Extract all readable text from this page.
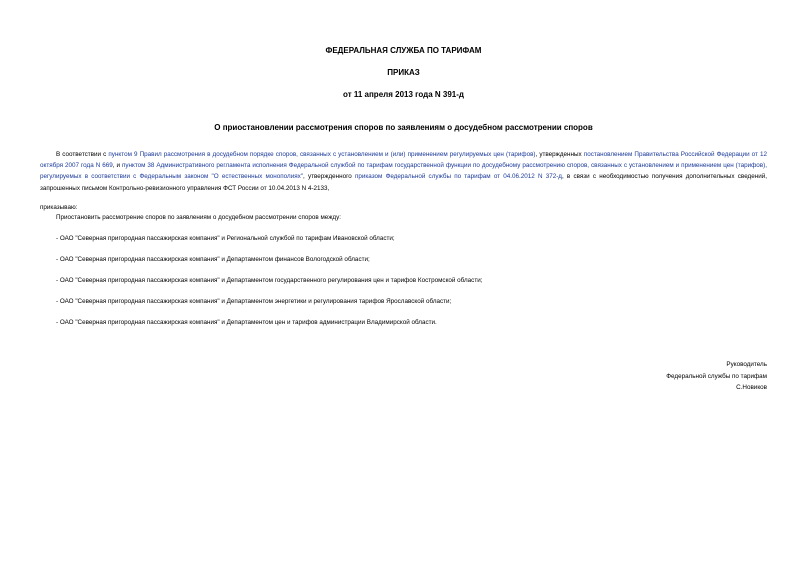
ФЕДЕРАЛЬНАЯ СЛУЖБА ПО ТАРИФАМ
ПРИКАЗ
от 11 апреля 2013 года N 391-д
О приостановлении рассмотрения споров по заявлениям о досудебном рассмотрении споров
В соответствии с пунктом 9 Правил рассмотрения в досудебном порядке споров, связанных с установлением и (или) применением регулируемых цен (тарифов), утвержденных постановлением Правительства Российской Федерации от 12 октября 2007 года N 669, и пунктом 38 Административного регламента исполнения Федеральной службой по тарифам государственной функции по досудебному рассмотрению споров, связанных с установлением и применением цен (тарифов), регулируемых в соответствии с Федеральным законом "О естественных монополиях", утвержденного приказом Федеральной службы по тарифам от 04.06.2012 N 372-д, в связи с необходимостью получения дополнительных сведений, запрошенных письмом Контрольно-ревизионного управления ФСТ России от 10.04.2013 N 4-2133,
приказываю:
Приостановить рассмотрение споров по заявлениям о досудебном рассмотрении споров между:
- ОАО "Северная пригородная пассажирская компания" и Региональной службой по тарифам Ивановской области;
- ОАО "Северная пригородная пассажирская компания" и Департаментом финансов Вологодской области;
- ОАО "Северная пригородная пассажирская компания" и Департаментом государственного регулирования цен и тарифов Костромской области;
- ОАО "Северная пригородная пассажирская компания" и Департаментом энергетики и регулирования тарифов Ярославской области;
- ОАО "Северная пригородная пассажирская компания" и Департаментом цен и тарифов администрации Владимирской области.
Руководитель
Федеральной службы по тарифам
С.Новиков
